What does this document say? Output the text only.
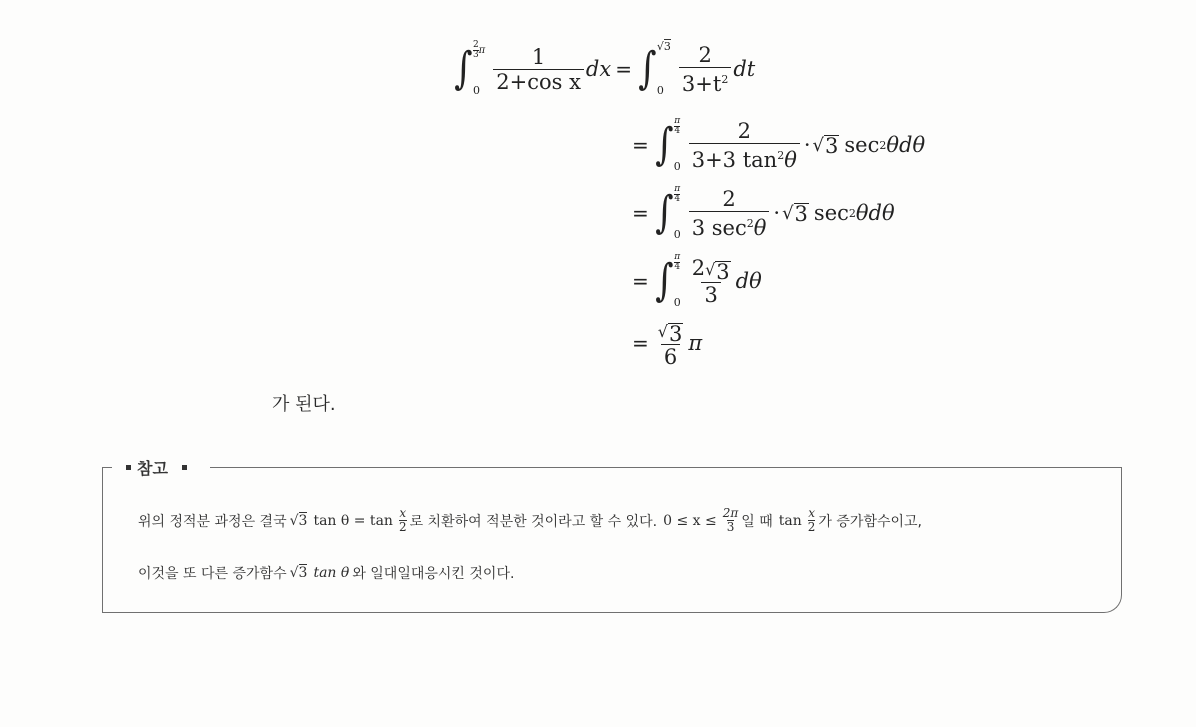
∫ $\frac{2}{3}$ π
$0 \frac{1}{\text{2+cos x}}$ dx = ∫ √3
$0 \frac{2}{3+t^2}$ dt
= ∫ $\frac{\pi}{4}$
$0 \frac{2}{3+3 \tan^2\theta}$ · √ 3 sec 2 θdθ
= ∫ $\frac{\pi}{4}$
$0 \frac{2}{3 \sec^2\theta}$ · √ 3 sec 2 θdθ
= ∫ $\frac{\pi}{4}$
$0 \frac{2 √ 3}{3}$ dθ
= $\frac{√ 3}{6}$ π
가 된다.
참고
위의 정적분 과정은 결국 √3 tan θ = tan x
2 로 치환하여 적분한 것이라고 할 수 있다. $0 \le x \le \frac{2\pi}{3}$ 일 때 tan x
2 가 증가함수이고,
이것을 또 다른 증가함수 √3 tan θ 와 일대일대응시킨 것이다.
